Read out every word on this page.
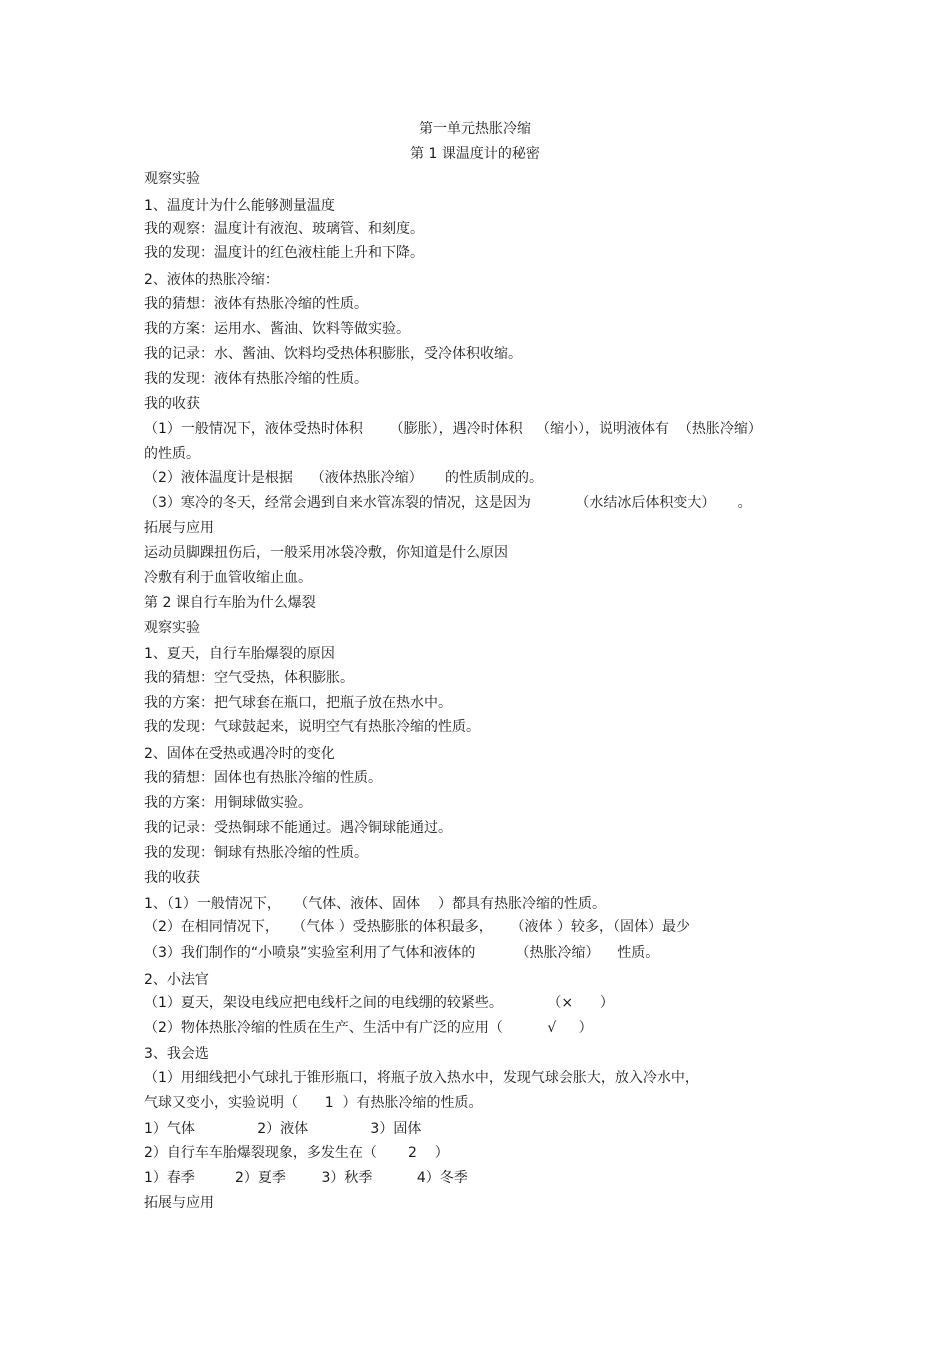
第一单元热胀冷缩
第 1 课温度计的秘密
观察实验
1、温度计为什么能够测量温度
我的观察：温度计有液泡、玻璃管、和刻度。
我的发现：温度计的红色液柱能上升和下降。
2、液体的热胀冷缩：
我的猜想：液体有热胀冷缩的性质。
我的方案：运用水、酱油、饮料等做实验。
我的记录：水、酱油、饮料均受热体积膨胀，受冷体积收缩。
我的发现：液体有热胀冷缩的性质。
我的收获
（1）一般情况下，液体受热时体积      （膨胀），遇冷时体积   （缩小），说明液体有  （热胀冷缩）
的性质。
（2）液体温度计是根据    （液体热胀冷缩）     的性质制成的。
（3）寒冷的冬天，经常会遇到自来水管冻裂的情况，这是因为          （水结冰后体积变大）     。
拓展与应用
运动员脚踝扭伤后，一般采用冰袋冷敷，你知道是什么原因
冷敷有利于血管收缩止血。
第 2 课自行车胎为什么爆裂
观察实验
1、夏天，自行车胎爆裂的原因
我的猜想：空气受热，体积膨胀。
我的方案：把气球套在瓶口，把瓶子放在热水中。
我的发现：气球鼓起来，说明空气有热胀冷缩的性质。
2、固体在受热或遇冷时的变化
我的猜想：固体也有热胀冷缩的性质。
我的方案：用铜球做实验。
我的记录：受热铜球不能通过。遇冷铜球能通过。
我的发现：铜球有热胀冷缩的性质。
我的收获
1、（1）一般情况下，   （气体、液体、固体    ）都具有热胀冷缩的性质。
（2）在相同情况下，   （气体 ）受热膨胀的体积最多，    （液体 ）较多，（固体）最少
（3）我们制作的“小喷泉”实验室利用了气体和液体的         （热胀冷缩）    性质。
2、小法官
（1）夏天，架设电线应把电线杆之间的电线绷的较紧些。          （×      ）
（2）物体热胀冷缩的性质在生产、生活中有广泛的应用（          √     ）
3、我会选
（1）用细线把小气球扎于锥形瓶口，将瓶子放入热水中，发现气球会胀大，放入冷水中，
气球又变小，实验说明（      1  ）有热胀冷缩的性质。
1）气体              2）液体              3）固体
2）自行车车胎爆裂现象，多发生在（       2    ）
1）春季         2）夏季        3）秋季          4）冬季
拓展与应用
